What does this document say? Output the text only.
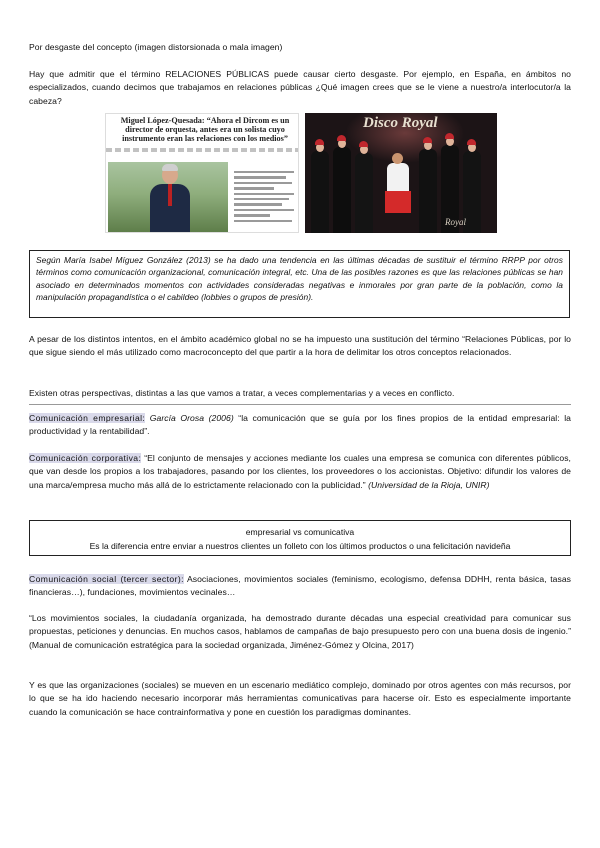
Por desgaste del concepto (imagen distorsionada o mala imagen)
Hay que admitir que el término RELACIONES PÚBLICAS puede causar cierto desgaste. Por ejemplo, en España, en ámbitos no especializados, cuando decimos que trabajamos en relaciones públicas ¿Qué imagen crees que se le viene a nuestro/a interlocutor/a la cabeza?
Miguel López-Quesada: “Ahora el Dircom es un director de orquesta, antes era un solista cuyo instrumento eran las relaciones con los medios”
Disco Royal
Royal
Según María Isabel Míguez González (2013) se ha dado una tendencia en las últimas décadas de sustituir el término RRPP por otros términos como comunicación organizacional, comunicación integral, etc. Una de las posibles razones es que las relaciones públicas se han asociado en determinados momentos con actividades consideradas negativas e inmorales por gran parte de la población, como la manipulación propagandística o el cabildeo (lobbies o grupos de presión).
A pesar de los distintos intentos, en el ámbito académico global no se ha impuesto una sustitución del término “Relaciones Públicas, por lo que sigue siendo el más utilizado como macroconcepto del que partir a la hora de delimitar los otros conceptos relacionados.
Existen otras perspectivas, distintas a las que vamos a tratar, a veces complementarias y a veces en conflicto.
Comunicación empresarial: García Orosa (2006) “la comunicación que se guía por los fines propios de la entidad empresarial: la productividad y la rentabilidad”.
Comunicación corporativa: “El conjunto de mensajes y acciones mediante los cuales una empresa se comunica con diferentes públicos, que van desde los propios a los trabajadores, pasando por los clientes, los proveedores o los accionistas. Objetivo: difundir los valores de una marca/empresa mucho más allá de lo estrictamente relacionado con la publicidad.” (Universidad de la Rioja, UNIR)
empresarial vs comunicativa
Es la diferencia entre enviar a nuestros clientes un folleto con los últimos productos o una felicitación navideña
Comunicación social (tercer sector): Asociaciones, movimientos sociales (feminismo, ecologismo, defensa DDHH, renta básica, tasas financieras…), fundaciones, movimientos vecinales…
“Los movimientos sociales, la ciudadanía organizada, ha demostrado durante décadas una especial creatividad para comunicar sus propuestas, peticiones y denuncias. En muchos casos, hablamos de campañas de bajo presupuesto pero con una buena dosis de ingenio.” (Manual de comunicación estratégica para la sociedad organizada, Jiménez-Gómez y Olcina, 2017)
Y es que las organizaciones (sociales) se mueven en un escenario mediático complejo, dominado por otros agentes con más recursos, por lo que se ha ido haciendo necesario incorporar más herramientas comunicativas para hacerse oír. Esto es especialmente importante cuando la comunicación se hace contrainformativa y pone en cuestión los paradigmas dominantes.
